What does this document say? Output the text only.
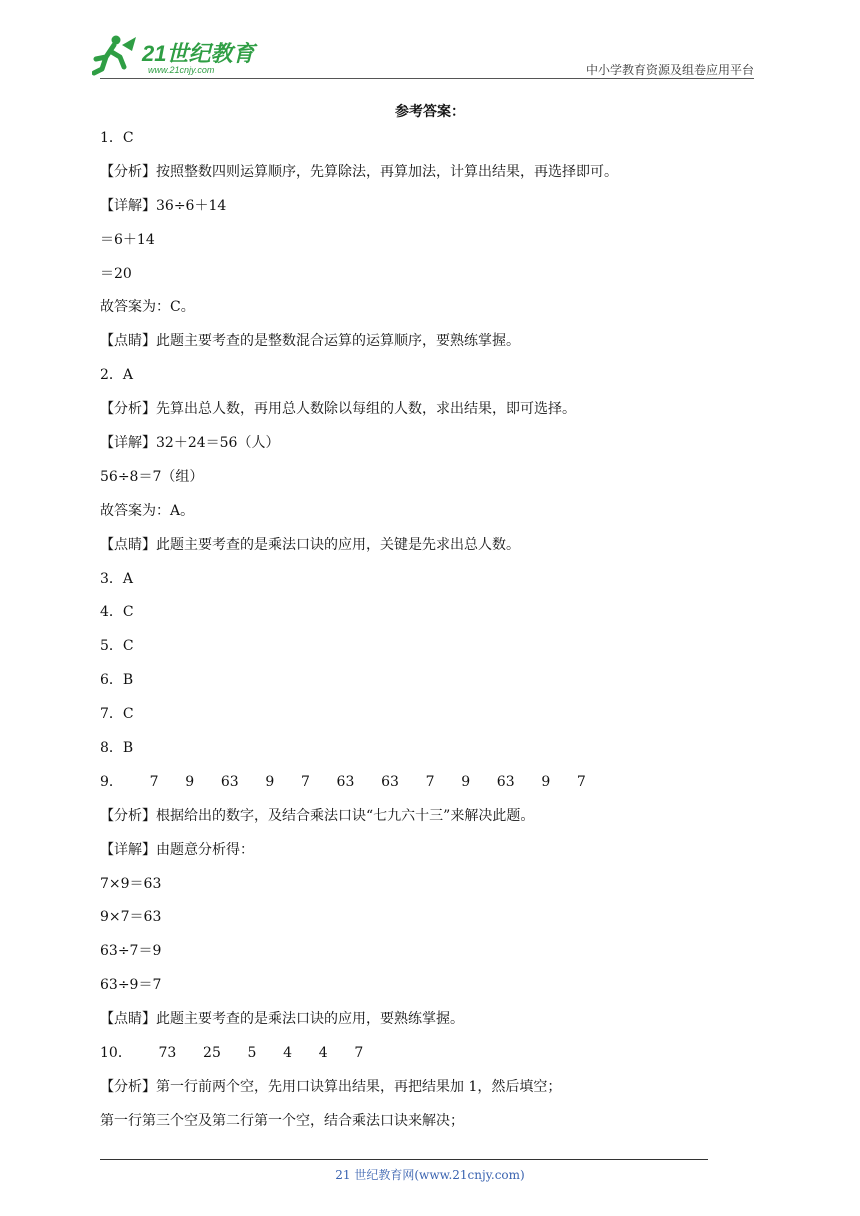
21世纪教育
www.21cnjy.com	中小学教育资源及组卷应用平台
参考答案：
1．C
【分析】按照整数四则运算顺序，先算除法，再算加法，计算出结果，再选择即可。
【详解】36÷6＋14
＝6＋14
＝20
故答案为：C。
【点睛】此题主要考查的是整数混合运算的运算顺序，要熟练掌握。
2．A
【分析】先算出总人数，再用总人数除以每组的人数，求出结果，即可选择。
【详解】32＋24＝56（人）
56÷8＝7（组）
故答案为：A。
【点睛】此题主要考查的是乘法口诀的应用，关键是先求出总人数。
3．A
4．C
5．C
6．B
7．C
8．B
9．      7      9      63      9      7      63      63      7      9      63      9      7
【分析】根据给出的数字，及结合乘法口诀“七九六十三”来解决此题。
【详解】由题意分析得：
7×9＝63
9×7＝63
63÷7＝9
63÷9＝7
【点睛】此题主要考查的是乘法口诀的应用，要熟练掌握。
10．      73      25      5      4      4      7
【分析】第一行前两个空，先用口诀算出结果，再把结果加 1，然后填空；
第一行第三个空及第二行第一个空，结合乘法口诀来解决；
21 世纪教育网(www.21cnjy.com)
